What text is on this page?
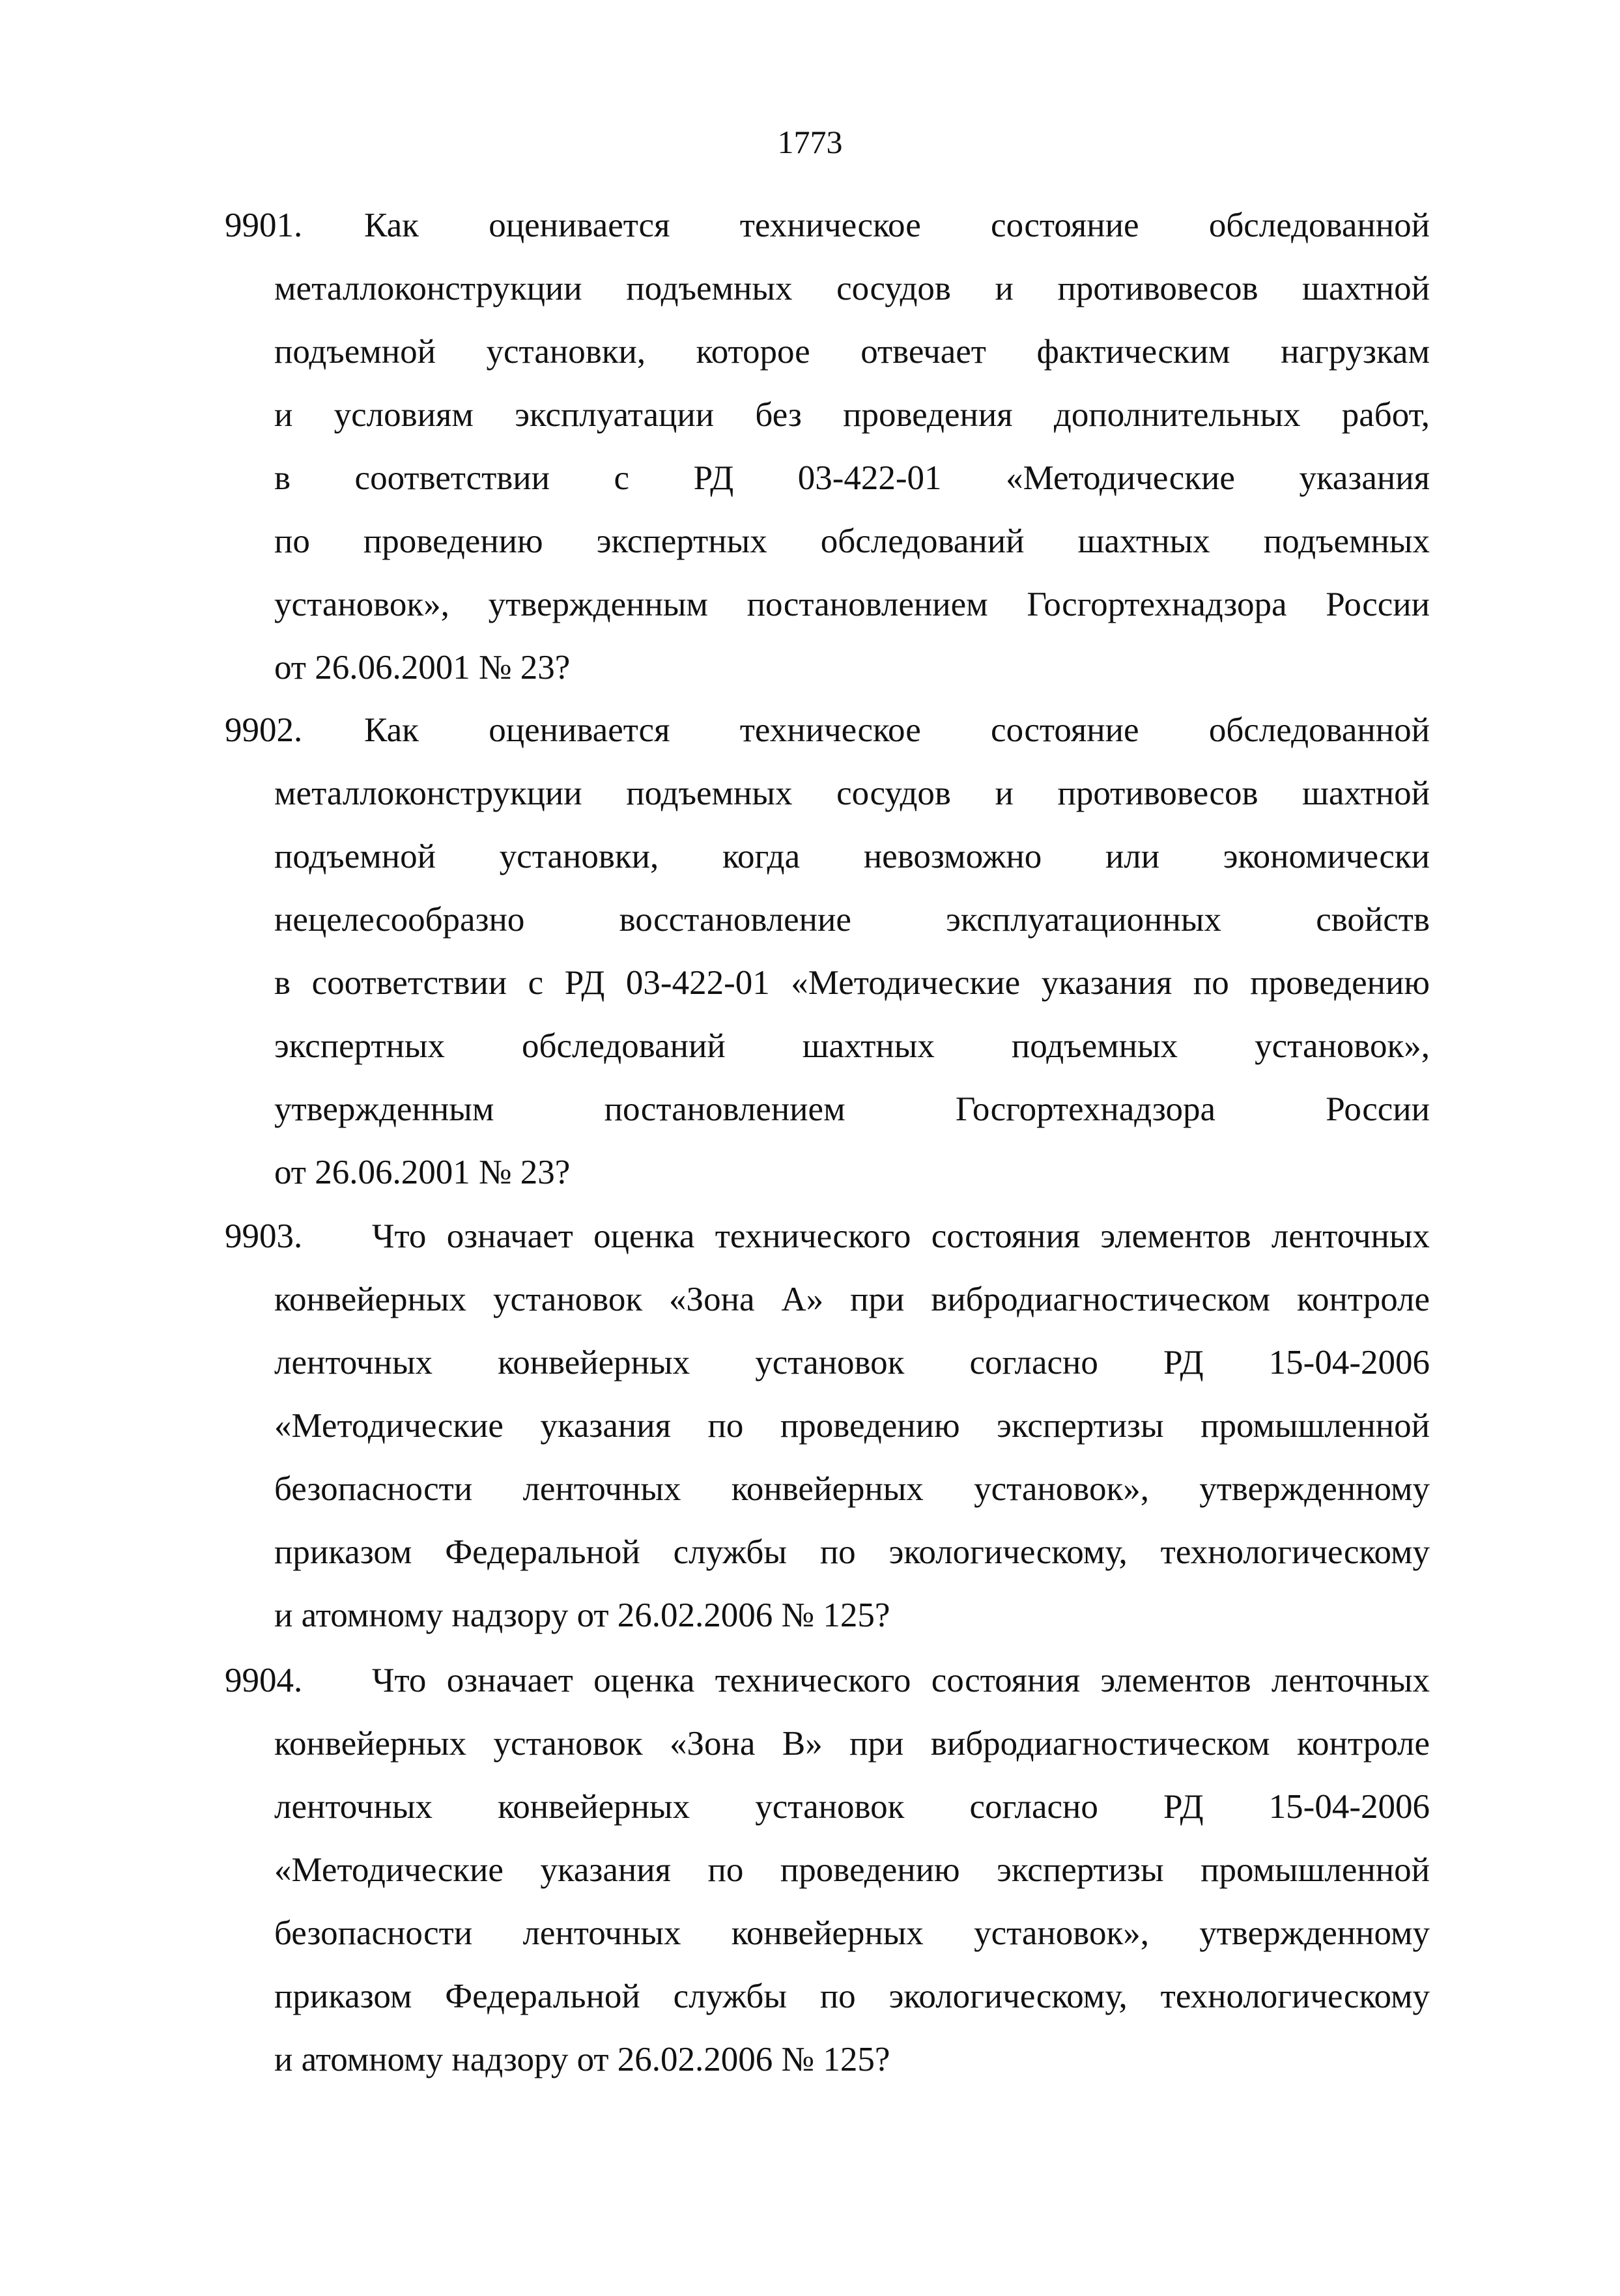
1773
9901.	Как оценивается техническое состояние обследованной
металлоконструкции подъемных сосудов и противовесов шахтной
подъемной установки, которое отвечает фактическим нагрузкам
и условиям эксплуатации без проведения дополнительных работ,
в соответствии с РД 03-422-01 «Методические указания
по проведению экспертных обследований шахтных подъемных
установок», утвержденным постановлением Госгортехнадзора России
от 26.06.2001 № 23?
9902.	Как оценивается техническое состояние обследованной
металлоконструкции подъемных сосудов и противовесов шахтной
подъемной установки, когда невозможно или экономически
нецелесообразно восстановление эксплуатационных свойств
в соответствии с РД 03-422-01 «Методические указания по проведению
экспертных обследований шахтных подъемных установок»,
утвержденным постановлением Госгортехнадзора России
от 26.06.2001 № 23?
9903.	Что означает оценка технического состояния элементов ленточных
конвейерных установок «Зона А» при вибродиагностическом контроле
ленточных конвейерных установок согласно РД 15-04-2006
«Методические указания по проведению экспертизы промышленной
безопасности ленточных конвейерных установок», утвержденному
приказом Федеральной службы по экологическому, технологическому
и атомному надзору от 26.02.2006 № 125?
9904.	Что означает оценка технического состояния элементов ленточных
конвейерных установок «Зона В» при вибродиагностическом контроле
ленточных конвейерных установок согласно РД 15-04-2006
«Методические указания по проведению экспертизы промышленной
безопасности ленточных конвейерных установок», утвержденному
приказом Федеральной службы по экологическому, технологическому
и атомному надзору от 26.02.2006 № 125?
